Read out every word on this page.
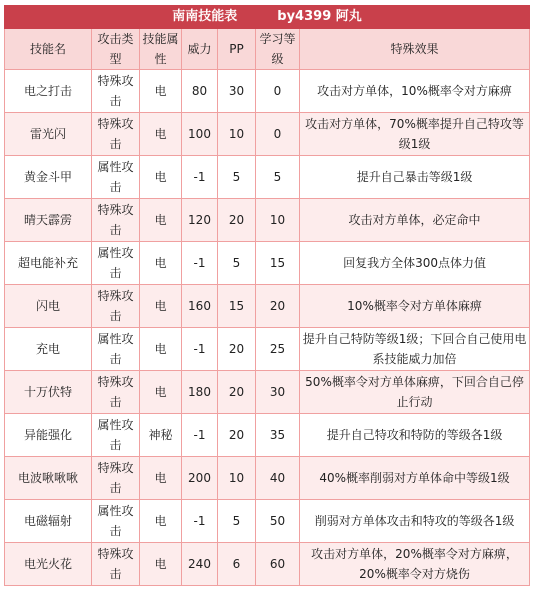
南南技能表 by4399 阿丸						
技能名	攻击类型	技能属性	威力	PP	学习等级	特殊效果
电之打击	特殊攻击	电	80	30	0	攻击对方单体，10%概率令对方麻痹
雷光闪	特殊攻击	电	100	10	0	攻击对方单体，70%概率提升自己特攻等级1级
黄金斗甲	属性攻击	电	-1	5	5	提升自己暴击等级1级
晴天霹雳	特殊攻击	电	120	20	10	攻击对方单体，必定命中
超电能补充	属性攻击	电	-1	5	15	回复我方全体300点体力值
闪电	特殊攻击	电	160	15	20	10%概率令对方单体麻痹
充电	属性攻击	电	-1	20	25	提升自己特防等级1级；下回合自己使用电系技能威力加倍
十万伏特	特殊攻击	电	180	20	30	50%概率令对方单体麻痹，下回合自己停止行动
异能强化	属性攻击	神秘	-1	20	35	提升自己特攻和特防的等级各1级
电波啾啾啾	特殊攻击	电	200	10	40	40%概率削弱对方单体命中等级1级
电磁辐射	属性攻击	电	-1	5	50	削弱对方单体攻击和特攻的等级各1级
电光火花	特殊攻击	电	240	6	60	攻击对方单体，20%概率令对方麻痹，20%概率令对方烧伤
